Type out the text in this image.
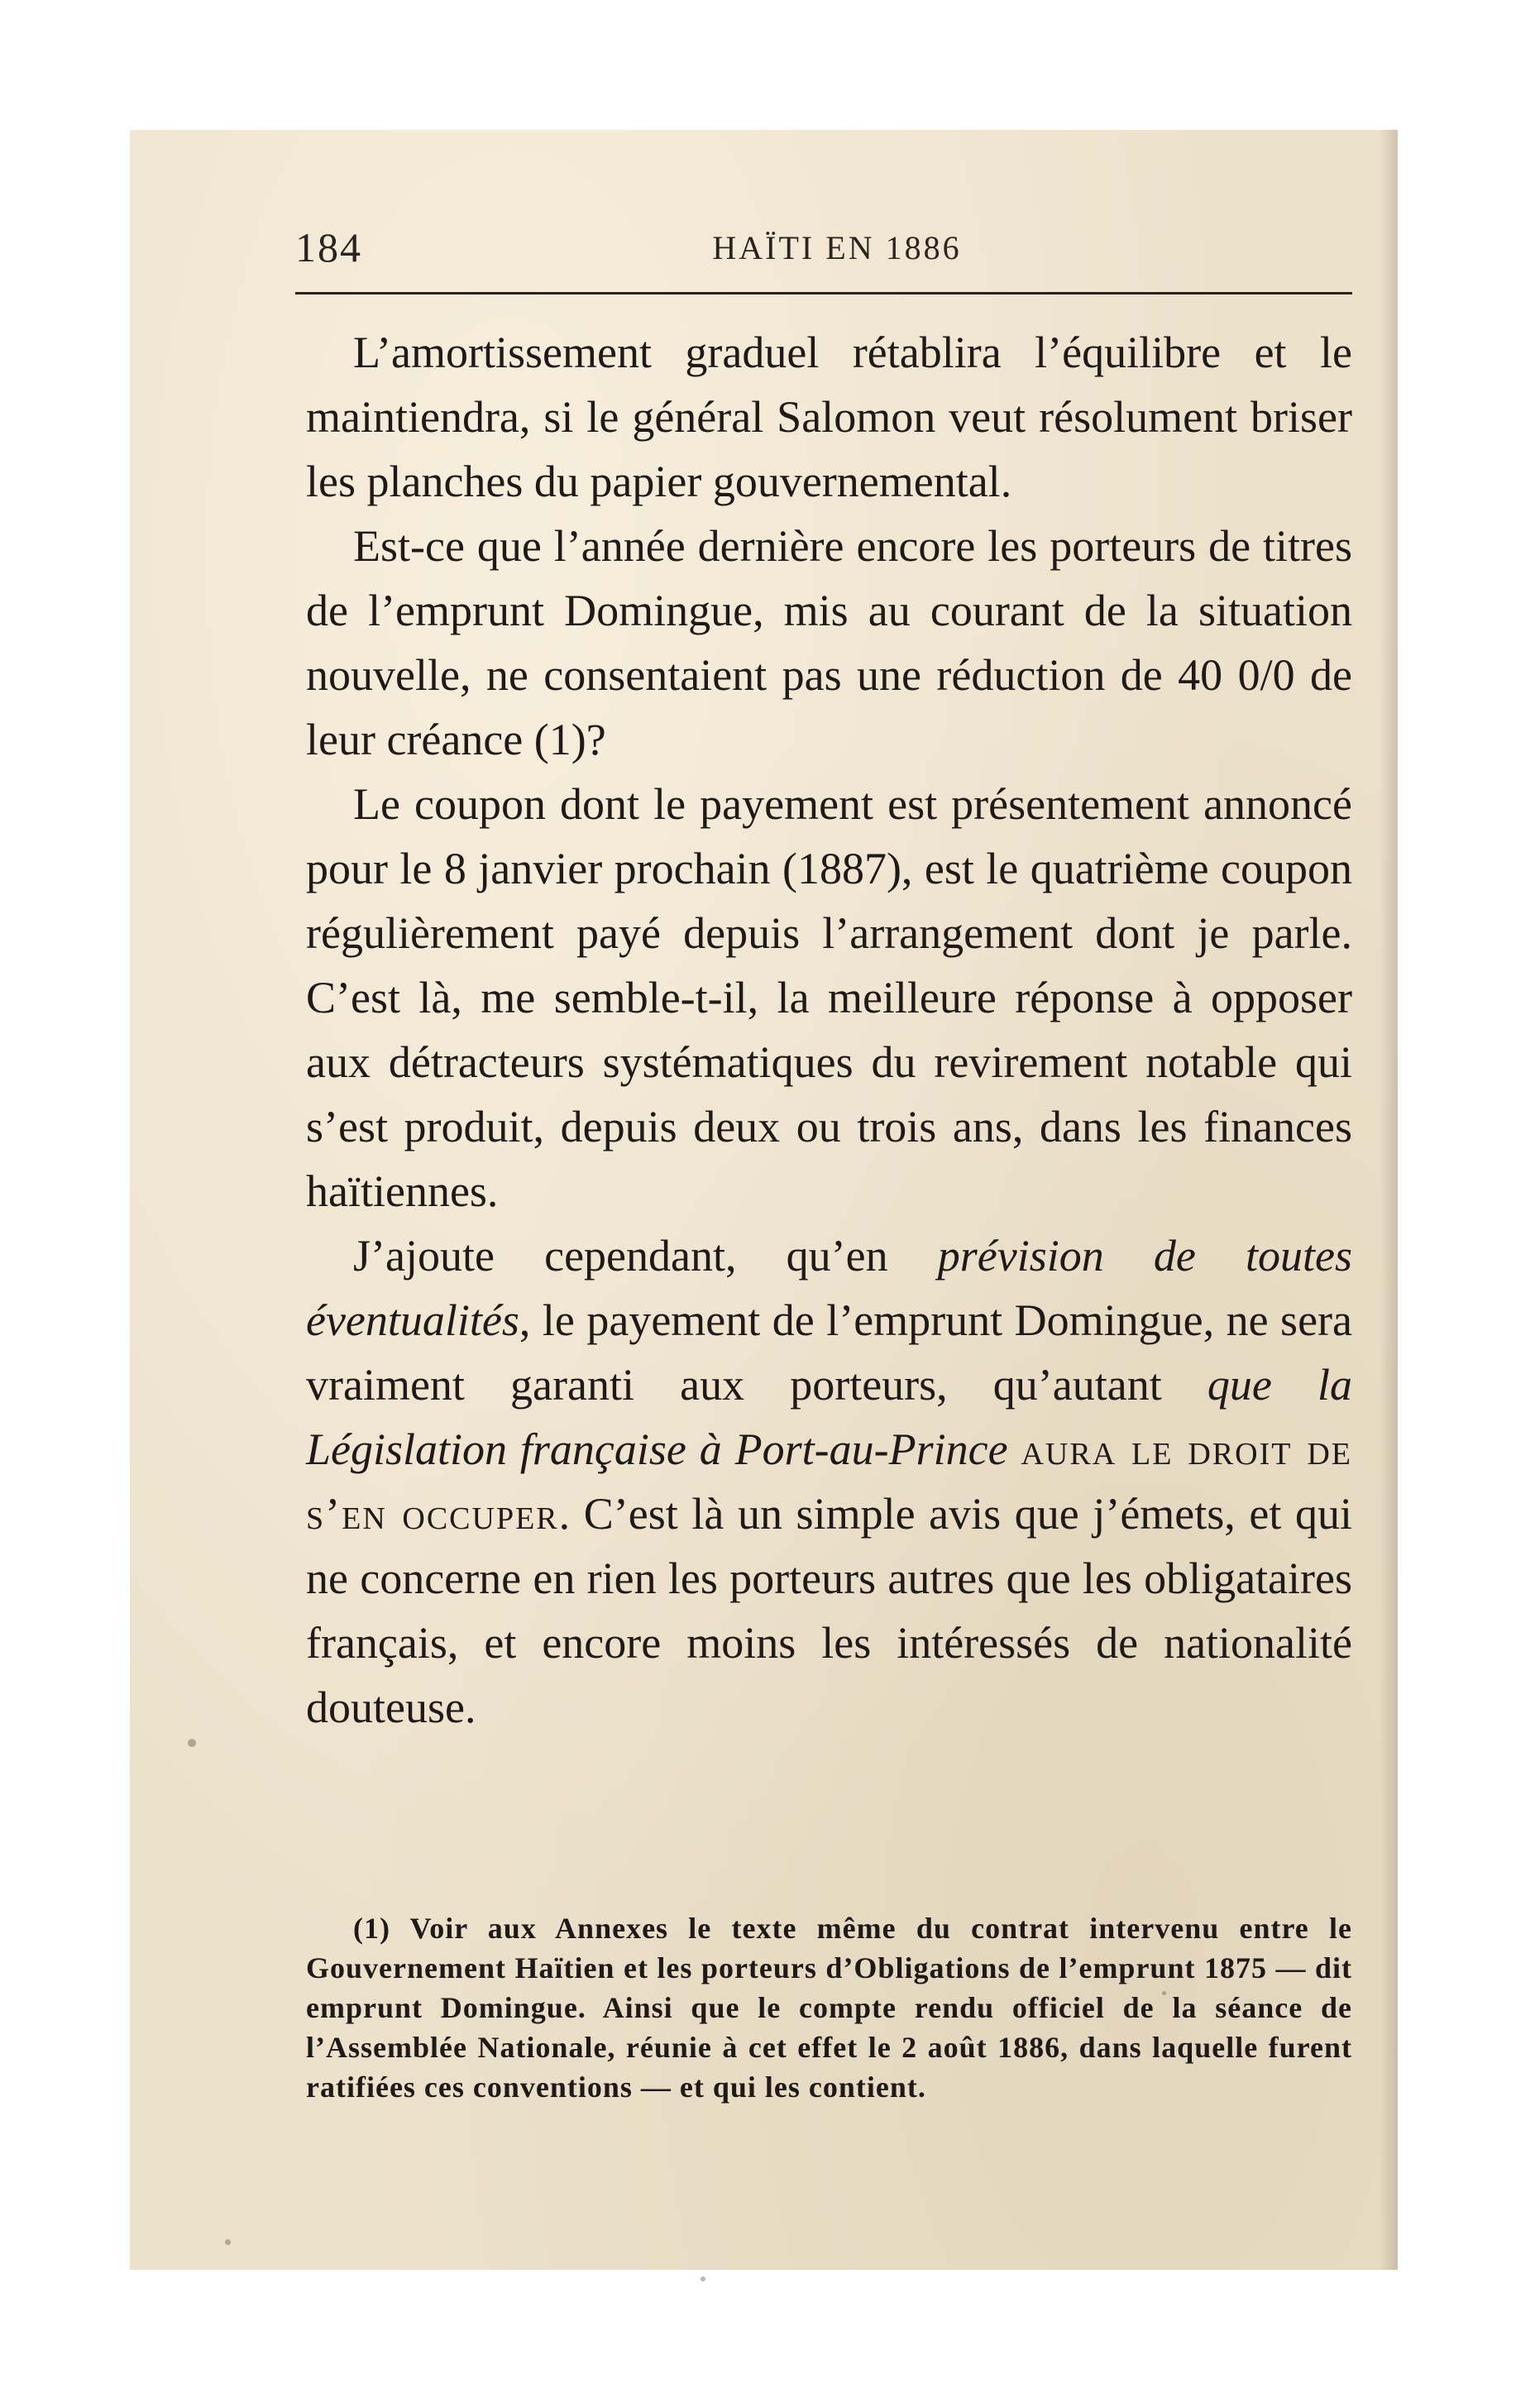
184	HAÏTI EN 1886

L’amortissement graduel rétablira l’équilibre et le maintiendra, si le général Salomon veut résolument briser les planches du papier gouvernemental.

Est-ce que l’année dernière encore les porteurs de titres de l’emprunt Domingue, mis au courant de la situation nouvelle, ne consentaient pas une réduction de 40 0/0 de leur créance (1)?

Le coupon dont le payement est présentement annoncé pour le 8 janvier prochain (1887), est le quatrième coupon régulièrement payé depuis l’arrangement dont je parle. C’est là, me semble-t-il, la meilleure réponse à opposer aux détracteurs systématiques du revirement notable qui s’est produit, depuis deux ou trois ans, dans les finances haïtiennes.

J’ajoute cependant, qu’en prévision de toutes éventualités, le payement de l’emprunt Domingue, ne sera vraiment garanti aux porteurs, qu’autant que la Législation française à Port-au-Prince aura le droit de s’en occuper. C’est là un simple avis que j’émets, et qui ne concerne en rien les porteurs autres que les obligataires français, et encore moins les intéressés de nationalité douteuse.

(1) Voir aux Annexes le texte même du contrat intervenu entre le Gouvernement Haïtien et les porteurs d’Obligations de l’emprunt 1875 — dit emprunt Domingue. Ainsi que le compte rendu officiel de la séance de l’Assemblée Nationale, réunie à cet effet le 2 août 1886, dans laquelle furent ratifiées ces conventions — et qui les contient.
